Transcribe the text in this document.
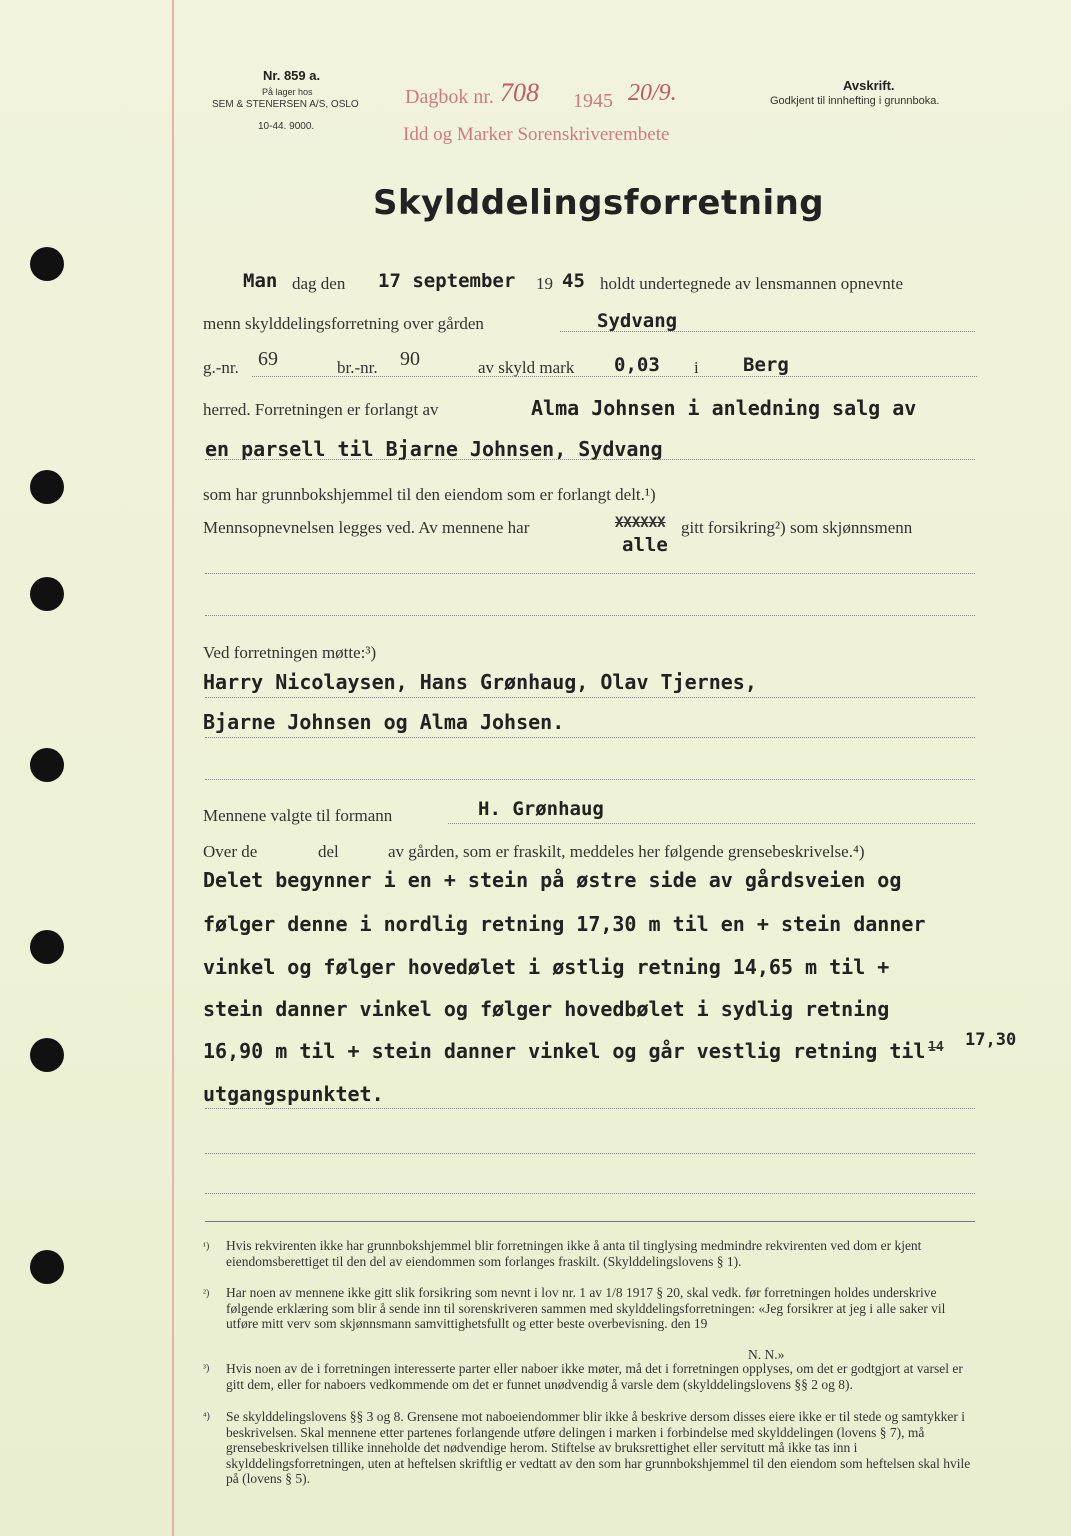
Nr. 859 a.
På lager hos
SEM & STENERSEN A/S, OSLO
10-44. 9000.
Dagbok nr. 708 1945 20/9.
Idd og Marker Sorenskriverembete
Avskrift.
Godkjent til innhefting i grunnboka.
Skylddelingsforretning
Man dag den 17 september 19 45 holdt undertegnede av lensmannen opnevnte
menn skylddelingsforretning over gården	Sydvang
g.-nr. 69	br.-nr. 90	av skyld mark 0,03 i Berg
herred. Forretningen er forlangt av	Alma Johnsen i anledning salg av
en parsell til Bjarne Johnsen, Sydvang
som har grunnbokshjemmel til den eiendom som er forlangt delt.¹)
Mennsopnevnelsen legges ved. Av mennene har	XXXXXX gitt forsikring²) som skjønnsmenn
alle
Ved forretningen møtte:³)
Harry Nicolaysen, Hans Grønhaug, Olav Tjernes,
Bjarne Johnsen og Alma Johsen.
Mennene valgte til formann	H. Grønhaug
Over de	del	av gården, som er fraskilt, meddeles her følgende grensebeskrivelse.⁴)
Delet begynner i en + stein på østre side av gårdsveien og
følger denne i nordlig retning 17,30 m til en + stein danner
vinkel og følger hovedølet i østlig retning 14,65 m til +
stein danner vinkel og følger hovedbølet i sydlig retning
16,90 m til + stein danner vinkel og går vestlig retning til
utgangspunktet.
14 17,30
¹) Hvis rekvirenten ikke har grunnbokshjemmel blir forretningen ikke å anta til tinglysing medmindre rekvirenten ved dom er kjent eiendomsberettiget til den del av eiendommen som forlanges fraskilt. (Skylddelingslovens § 1).
²) Har noen av mennene ikke gitt slik forsikring som nevnt i lov nr. 1 av 1/8 1917 § 20, skal vedk. før forretningen holdes underskrive følgende erklæring som blir å sende inn til sorenskriveren sammen med skylddelingsforretningen: «Jeg forsikrer at jeg i alle saker vil utføre mitt verv som skjønnsmann samvittighetsfullt og etter beste overbevisning. den 19
N. N.»
³) Hvis noen av de i forretningen interesserte parter eller naboer ikke møter, må det i forretningen opplyses, om det er godtgjort at varsel er gitt dem, eller for naboers vedkommende om det er funnet unødvendig å varsle dem (skylddelingslovens §§ 2 og 8).
⁴) Se skylddelingslovens §§ 3 og 8. Grensene mot naboeiendommer blir ikke å beskrive dersom disses eiere ikke er til stede og samtykker i beskrivelsen. Skal mennene etter partenes forlangende utføre delingen i marken i forbindelse med skylddelingen (lovens § 7), må grensebeskrivelsen tillike inneholde det nødvendige herom. Stiftelse av bruksrettighet eller servitutt må ikke tas inn i skylddelingsforretningen, uten at heftelsen skriftlig er vedtatt av den som har grunnbokshjemmel til den eiendom som heftelsen skal hvile på (lovens § 5).
